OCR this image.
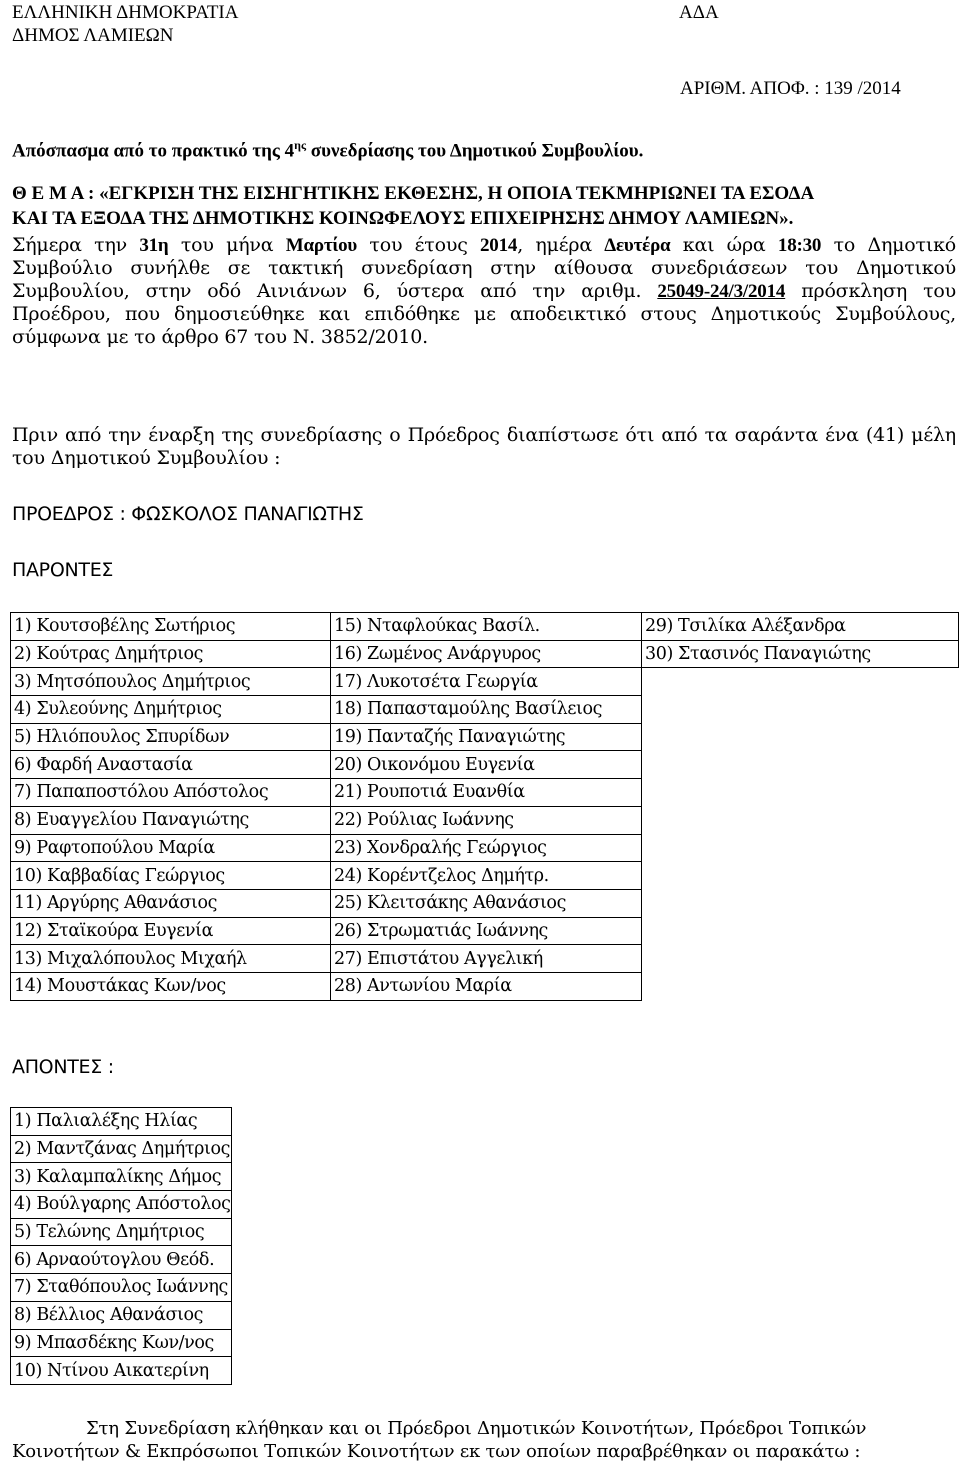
ΕΛΛΗΝΙΚΗ ΔΗΜΟΚΡΑΤΙΑ
ΔΗΜΟΣ ΛΑΜΙΕΩΝ
ΑΔΑ
ΑΡΙΘΜ. ΑΠΟΦ. : 139 /2014
Απόσπασμα από το πρακτικό της $4^{\eta\varsigma}$ συνεδρίασης του Δημοτικού Συμβουλίου.
Θ Ε Μ Α : «ΕΓΚΡΙΣΗ ΤΗΣ ΕΙΣΗΓΗΤΙΚΗΣ ΕΚΘΕΣΗΣ, Η ΟΠΟΙΑ ΤΕΚΜΗΡΙΩΝΕΙ ΤΑ ΕΣΟΔΑ
ΚΑΙ ΤΑ ΕΞΟΔΑ ΤΗΣ ΔΗΜΟΤΙΚΗΣ ΚΟΙΝΩΦΕΛΟΥΣ ΕΠΙΧΕΙΡΗΣΗΣ ΔΗΜΟΥ ΛΑΜΙΕΩΝ».
Σήμερα την 31η του μήνα Μαρτίου του έτους 2014, ημέρα Δευτέρα και ώρα 18:30 το Δημοτικό
Συμβούλιο συνήλθε σε τακτική συνεδρίαση στην αίθουσα συνεδριάσεων του Δημοτικού
Συμβουλίου, στην οδό Αινιάνων 6, ύστερα από την αριθμ. 25049-24/3/2014 πρόσκληση του
Προέδρου, που δημοσιεύθηκε και επιδόθηκε με αποδεικτικό στους Δημοτικούς Συμβούλους,
σύμφωνα με το άρθρο 67 του Ν. 3852/2010.
Πριν από την έναρξη της συνεδρίασης ο Πρόεδρος διαπίστωσε ότι από τα σαράντα ένα (41) μέλη
του Δημοτικού Συμβουλίου :
ΠΡΟΕΔΡΟΣ : ΦΩΣΚΟΛΟΣ ΠΑΝΑΓΙΩΤΗΣ
ΠΑΡΟΝΤΕΣ
1) Κουτσοβέλης Σωτήριος	15) Νταφλούκας Βασίλ.	29) Τσιλίκα Αλέξανδρα
2) Κούτρας Δημήτριος	16) Ζωμένος Ανάργυρος	30) Στασινός Παναγιώτης
3) Μητσόπουλος Δημήτριος	17) Λυκοτσέτα Γεωργία	
4) Συλεούνης Δημήτριος	18) Παπασταμούλης Βασίλειος	
5) Ηλιόπουλος Σπυρίδων	19) Πανταζής Παναγιώτης	
6) Φαρδή Αναστασία	20) Οικονόμου Ευγενία	
7) Παπαποστόλου Απόστολος	21) Ρουποτιά Ευανθία	
8) Ευαγγελίου Παναγιώτης	22) Ρούλιας Ιωάννης	
9) Ραφτοπούλου Μαρία	23) Χονδραλής Γεώργιος	
10) Καββαδίας Γεώργιος	24) Κορέντζελος Δημήτρ.	
11) Αργύρης Αθανάσιος	25) Κλειτσάκης Αθανάσιος	
12) Σταϊκούρα Ευγενία	26) Στρωματιάς Ιωάννης	
13) Μιχαλόπουλος Μιχαήλ	27) Επιστάτου Αγγελική	
14) Μουστάκας Κων/νος	28) Αντωνίου Μαρία	
ΑΠΟΝΤΕΣ :
1) Παλιαλέξης Ηλίας
2) Μαντζάνας Δημήτριος
3) Καλαμπαλίκης Δήμος
4) Βούλγαρης Απόστολος
5) Τελώνης Δημήτριος
6) Αρναούτογλου Θεόδ.
7) Σταθόπουλος Ιωάννης
8) Βέλλιος Αθανάσιος
9) Μπασδέκης Κων/νος
10) Ντίνου Αικατερίνη
Στη Συνεδρίαση κλήθηκαν και οι Πρόεδροι Δημοτικών Κοινοτήτων, Πρόεδροι Τοπικών
Κοινοτήτων & Εκπρόσωποι Τοπικών Κοινοτήτων εκ των οποίων παραβρέθηκαν οι παρακάτω :
